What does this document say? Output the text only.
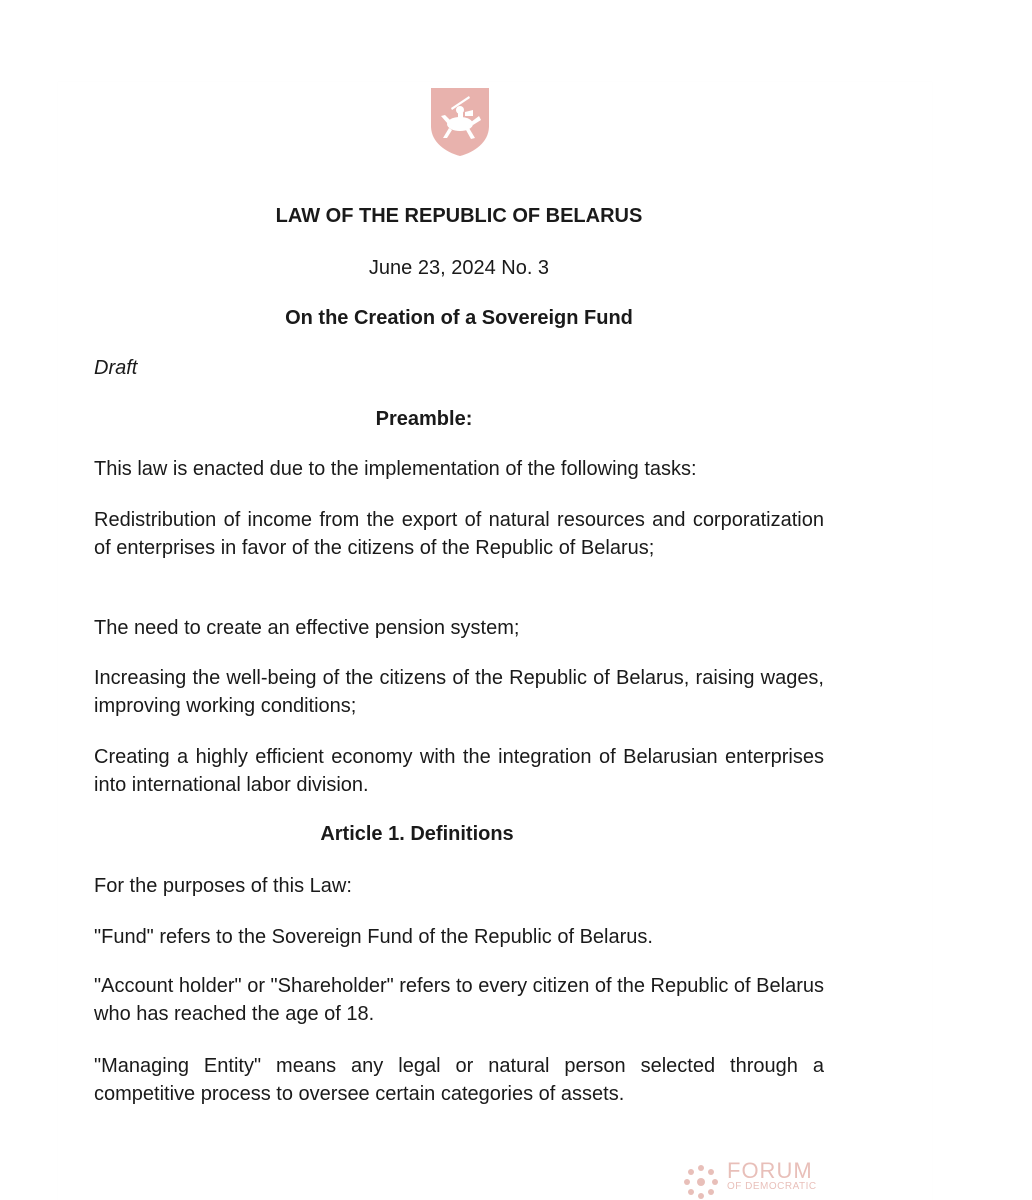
LAW OF THE REPUBLIC OF BELARUS

June 23, 2024 No. 3

On the Creation of a Sovereign Fund

Draft

Preamble:

This law is enacted due to the implementation of the following tasks:

Redistribution of income from the export of natural resources and corporatization of enterprises in favor of the citizens of the Republic of Belarus;

The need to create an effective pension system;

Increasing the well-being of the citizens of the Republic of Belarus, raising wages, improving working conditions;

Creating a highly efficient economy with the integration of Belarusian enterprises into international labor division.

Article 1. Definitions

For the purposes of this Law:

"Fund" refers to the Sovereign Fund of the Republic of Belarus.

"Account holder" or "Shareholder" refers to every citizen of the Republic of Belarus who has reached the age of 18.

"Managing Entity" means any legal or natural person selected through a competitive process to oversee certain categories of assets.

FORUM
OF DEMOCRATIC
